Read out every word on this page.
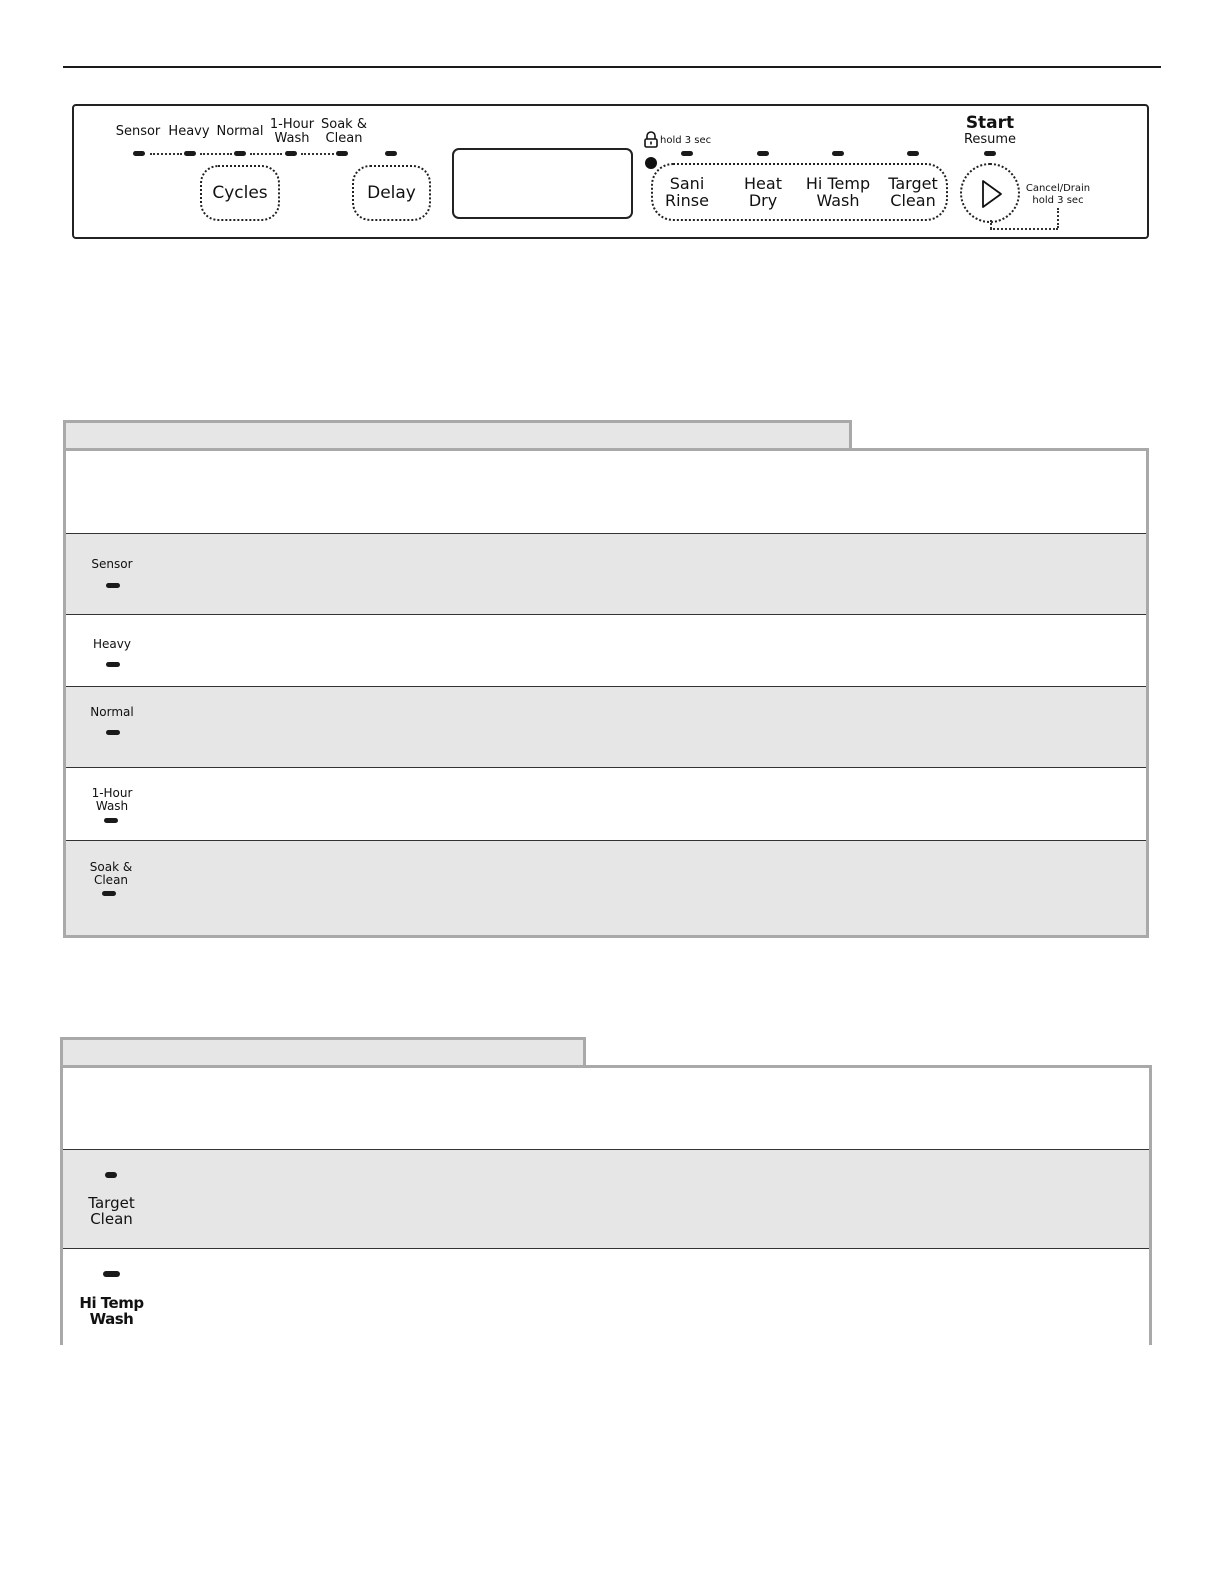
Sensor Heavy Normal 1-Hour
Wash
Soak &
Clean
Cycles	Delay
hold 3 sec
Sani
Rinse
Heat
Dry
Hi Temp
Wash
Target
Clean
Start
Resume
Cancel/Drain
hold 3 sec
Sensor
Heavy
Normal
1-Hour
Wash
Soak &
Clean
Target
Clean
Hi Temp
Wash
